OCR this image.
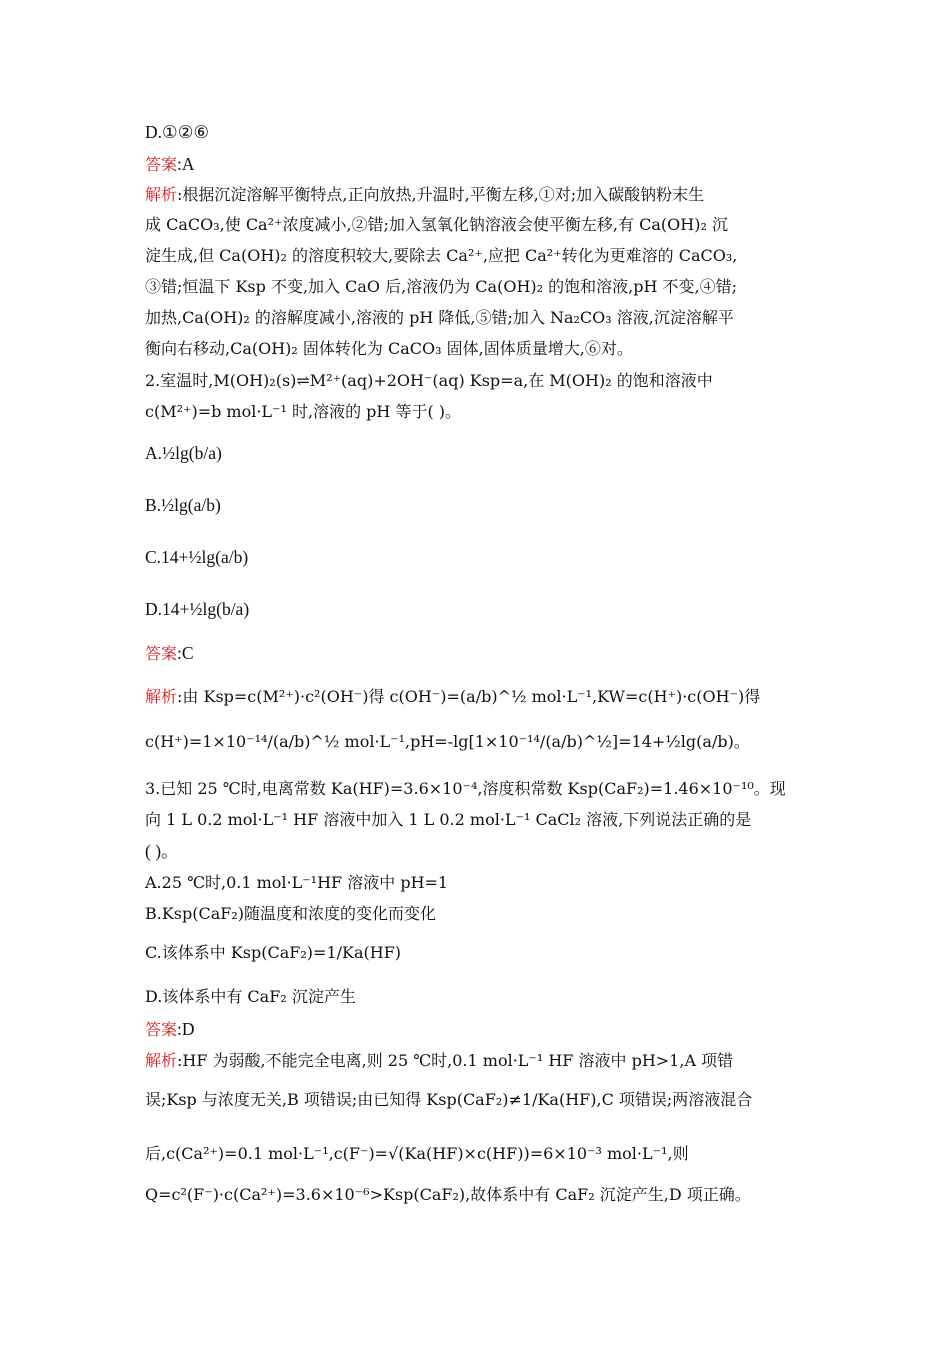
D.①②⑥
答案:A
解析:根据沉淀溶解平衡特点,正向放热,升温时,平衡左移,①对;加入碳酸钠粉末生
成 CaCO₃,使 Ca²⁺浓度减小,②错;加入氢氧化钠溶液会使平衡左移,有 Ca(OH)₂ 沉
淀生成,但 Ca(OH)₂ 的溶度积较大,要除去 Ca²⁺,应把 Ca²⁺转化为更难溶的 CaCO₃,
③错;恒温下 Ksp 不变,加入 CaO 后,溶液仍为 Ca(OH)₂ 的饱和溶液,pH 不变,④错;
加热,Ca(OH)₂ 的溶解度减小,溶液的 pH 降低,⑤错;加入 Na₂CO₃ 溶液,沉淀溶解平
衡向右移动,Ca(OH)₂ 固体转化为 CaCO₃ 固体,固体质量增大,⑥对。
2.室温时,M(OH)₂(s)⇌M²⁺(aq)+2OH⁻(aq) Ksp=a,在 M(OH)₂ 的饱和溶液中
c(M²⁺)=b mol·L⁻¹ 时,溶液的 pH 等于( )。
A.½lg(b/a)
B.½lg(a/b)
C.14+½lg(a/b)
D.14+½lg(b/a)
答案:C
解析:由 Ksp=c(M²⁺)·c²(OH⁻)得 c(OH⁻)=(a/b)^½ mol·L⁻¹,KW=c(H⁺)·c(OH⁻)得
c(H⁺)=1×10⁻¹⁴/(a/b)^½ mol·L⁻¹,pH=-lg[1×10⁻¹⁴/(a/b)^½]=14+½lg(a/b)。
3.已知 25 ℃时,电离常数 Ka(HF)=3.6×10⁻⁴,溶度积常数 Ksp(CaF₂)=1.46×10⁻¹⁰。现
向 1 L 0.2 mol·L⁻¹ HF 溶液中加入 1 L 0.2 mol·L⁻¹ CaCl₂ 溶液,下列说法正确的是
( )。
A.25 ℃时,0.1 mol·L⁻¹HF 溶液中 pH=1
B.Ksp(CaF₂)随温度和浓度的变化而变化
C.该体系中 Ksp(CaF₂)=1/Ka(HF)
D.该体系中有 CaF₂ 沉淀产生
答案:D
解析:HF 为弱酸,不能完全电离,则 25 ℃时,0.1 mol·L⁻¹ HF 溶液中 pH>1,A 项错
误;Ksp 与浓度无关,B 项错误;由已知得 Ksp(CaF₂)≠1/Ka(HF),C 项错误;两溶液混合
后,c(Ca²⁺)=0.1 mol·L⁻¹,c(F⁻)=√(Ka(HF)×c(HF))=6×10⁻³ mol·L⁻¹,则
Q=c²(F⁻)·c(Ca²⁺)=3.6×10⁻⁶>Ksp(CaF₂),故体系中有 CaF₂ 沉淀产生,D 项正确。
